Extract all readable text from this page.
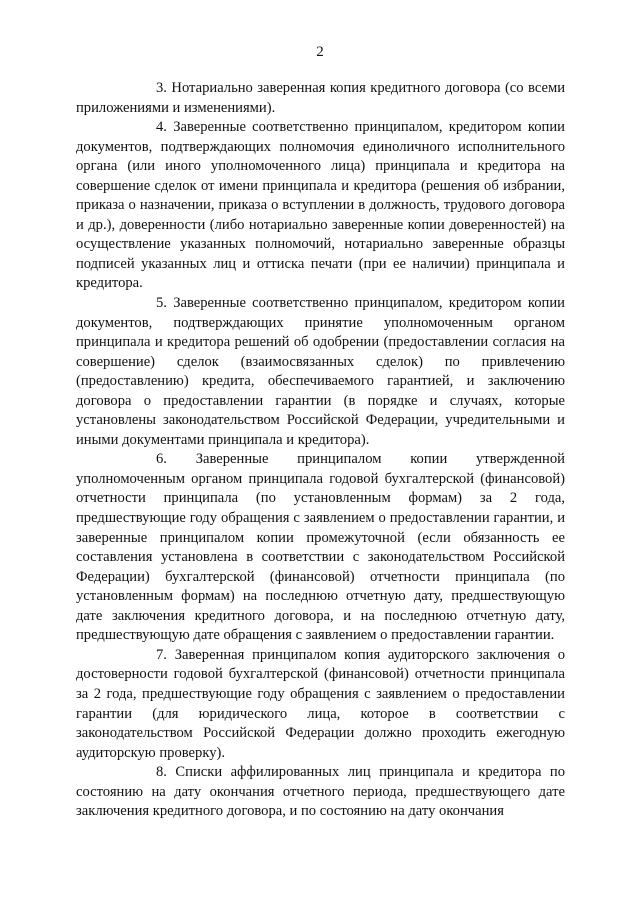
2

3. Нотариально заверенная копия кредитного договора (со всеми приложениями и изменениями).

4. Заверенные соответственно принципалом, кредитором копии документов, подтверждающих полномочия единоличного исполнительного органа (или иного уполномоченного лица) принципала и кредитора на совершение сделок от имени принципала и кредитора (решения об избрании, приказа о назначении, приказа о вступлении в должность, трудового договора и др.), доверенности (либо нотариально заверенные копии доверенностей) на осуществление указанных полномочий, нотариально заверенные образцы подписей указанных лиц и оттиска печати (при ее наличии) принципала и кредитора.

5. Заверенные соответственно принципалом, кредитором копии документов, подтверждающих принятие уполномоченным органом принципала и кредитора решений об одобрении (предоставлении согласия на совершение) сделок (взаимосвязанных сделок) по привлечению (предоставлению) кредита, обеспечиваемого гарантией, и заключению договора о предоставлении гарантии (в порядке и случаях, которые установлены законодательством Российской Федерации, учредительными и иными документами принципала и кредитора).

6. Заверенные принципалом копии утвержденной уполномоченным органом принципала годовой бухгалтерской (финансовой) отчетности принципала (по установленным формам) за 2 года, предшествующие году обращения с заявлением о предоставлении гарантии, и заверенные принципалом копии промежуточной (если обязанность ее составления установлена в соответствии с законодательством Российской Федерации) бухгалтерской (финансовой) отчетности принципала (по установленным формам) на последнюю отчетную дату, предшествующую дате заключения кредитного договора, и на последнюю отчетную дату, предшествующую дате обращения с заявлением о предоставлении гарантии.

7. Заверенная принципалом копия аудиторского заключения о достоверности годовой бухгалтерской (финансовой) отчетности принципала за 2 года, предшествующие году обращения с заявлением о предоставлении гарантии (для юридического лица, которое в соответствии с законодательством Российской Федерации должно проходить ежегодную аудиторскую проверку).

8. Списки аффилированных лиц принципала и кредитора по состоянию на дату окончания отчетного периода, предшествующего дате заключения кредитного договора, и по состоянию на дату окончания
